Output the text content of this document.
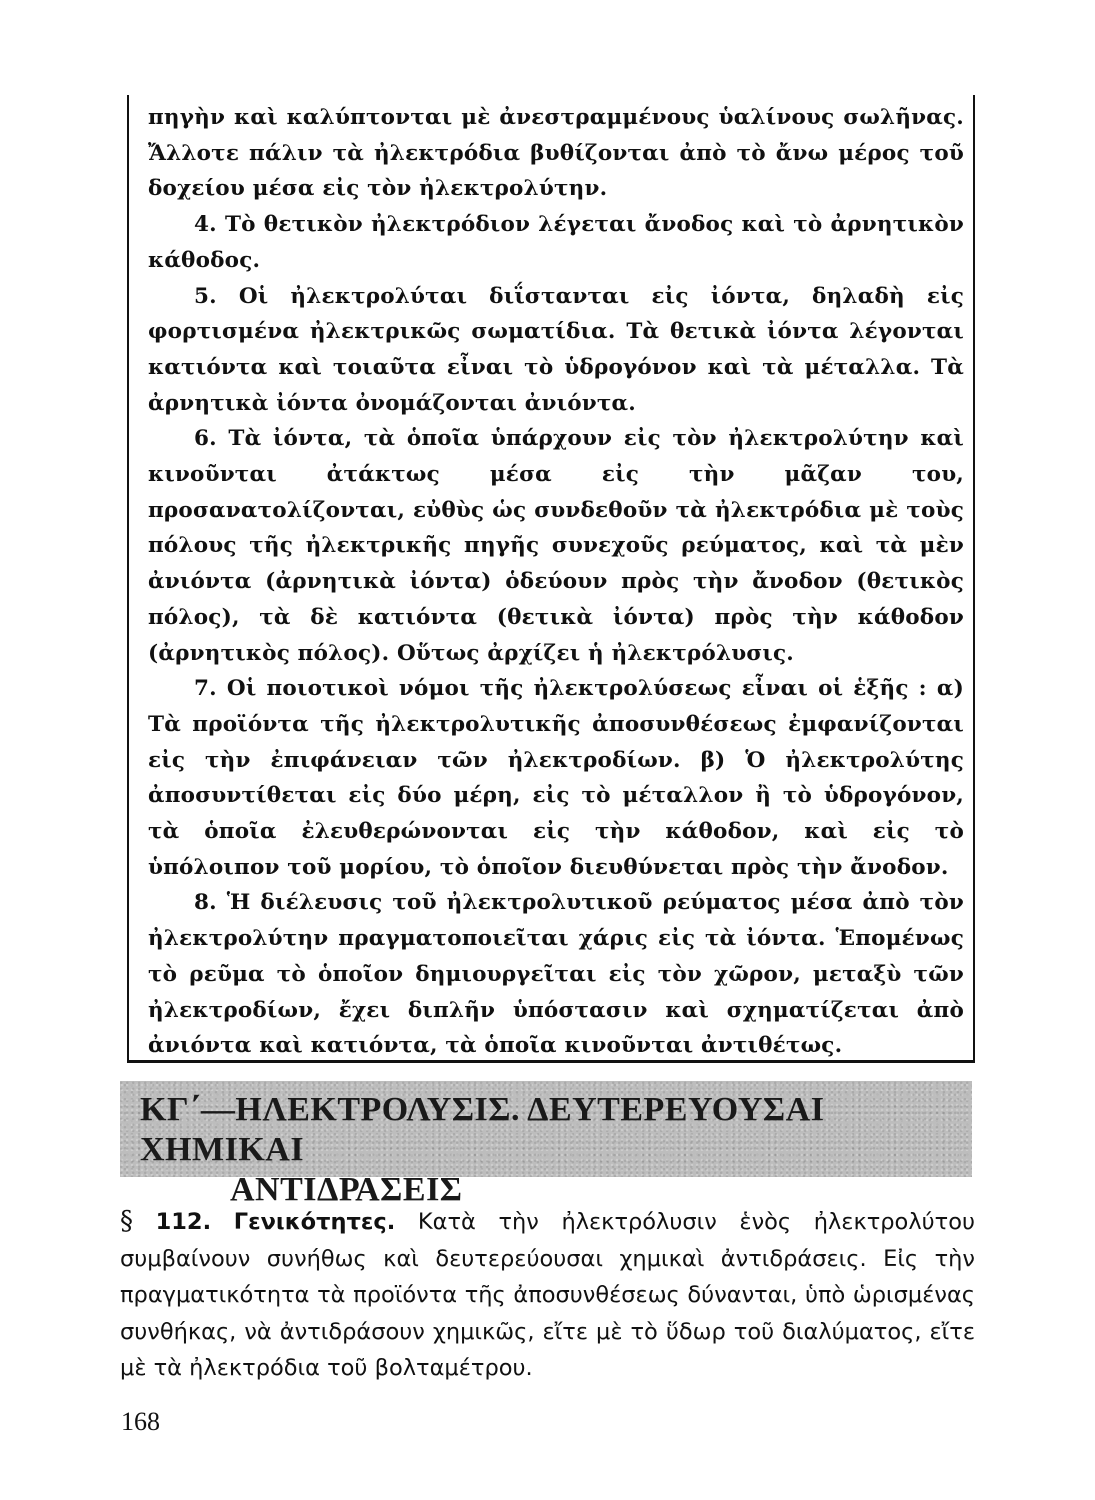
πηγὴν καὶ καλύπτονται μὲ ἀνεστραμμένους ὑαλίνους σωλῆνας. Ἄλλοτε πάλιν τὰ ἠλεκτρόδια βυθίζονται ἀπὸ τὸ ἄνω μέρος τοῦ δοχείου μέσα εἰς τὸν ἠλεκτρολύτην.

4. Τὸ θετικὸν ἠλεκτρόδιον λέγεται ἄνοδος καὶ τὸ ἀρνητικὸν κάθοδος.

5. Οἱ ἠλεκτρολύται διΐστανται εἰς ἰόντα, δηλαδὴ εἰς φορτισμένα ἠλεκτρικῶς σωματίδια. Τὰ θετικὰ ἰόντα λέγονται κατιόντα καὶ τοιαῦτα εἶναι τὸ ὑδρογόνον καὶ τὰ μέταλλα. Τὰ ἀρνητικὰ ἰόντα ὀνομάζονται ἀνιόντα.

6. Τὰ ἰόντα, τὰ ὁποῖα ὑπάρχουν εἰς τὸν ἠλεκτρολύτην καὶ κινοῦνται ἀτάκτως μέσα εἰς τὴν μᾶζαν του, προσανατολίζονται, εὐθὺς ὡς συνδεθοῦν τὰ ἠλεκτρόδια μὲ τοὺς πόλους τῆς ἠλεκτρικῆς πηγῆς συνεχοῦς ρεύματος, καὶ τὰ μὲν ἀνιόντα (ἀρνητικὰ ἰόντα) ὁδεύουν πρὸς τὴν ἄνοδον (θετικὸς πόλος), τὰ δὲ κατιόντα (θετικὰ ἰόντα) πρὸς τὴν κάθοδον (ἀρνητικὸς πόλος). Οὕτως ἀρχίζει ἡ ἠλεκτρόλυσις.

7. Οἱ ποιοτικοὶ νόμοι τῆς ἠλεκτρολύσεως εἶναι οἱ ἑξῆς : α) Τὰ προϊόντα τῆς ἠλεκτρολυτικῆς ἀποσυνθέσεως ἐμφανίζονται εἰς τὴν ἐπιφάνειαν τῶν ἠλεκτροδίων. β) Ὁ ἠλεκτρολύτης ἀποσυντίθεται εἰς δύο μέρη, εἰς τὸ μέταλλον ἢ τὸ ὑδρογόνον, τὰ ὁποῖα ἐλευθερώνονται εἰς τὴν κάθοδον, καὶ εἰς τὸ ὑπόλοιπον τοῦ μορίου, τὸ ὁποῖον διευθύνεται πρὸς τὴν ἄνοδον.

8. Ἡ διέλευσις τοῦ ἠλεκτρολυτικοῦ ρεύματος μέσα ἀπὸ τὸν ἠλεκτρολύτην πραγματοποιεῖται χάρις εἰς τὰ ἰόντα. Ἑπομένως τὸ ρεῦμα τὸ ὁποῖον δημιουργεῖται εἰς τὸν χῶρον, μεταξὺ τῶν ἠλεκτροδίων, ἔχει διπλῆν ὑπόστασιν καὶ σχηματίζεται ἀπὸ ἀνιόντα καὶ κατιόντα, τὰ ὁποῖα κινοῦνται ἀντιθέτως.

ΚΓ΄—ΗΛΕΚΤΡΟΛΥΣΙΣ. ΔΕΥΤΕΡΕΥΟΥΣΑΙ ΧΗΜΙΚΑΙ
ΑΝΤΙΔΡΑΣΕΙΣ
§ 112. Γενικότητες. Κατὰ τὴν ἠλεκτρόλυσιν ἑνὸς ἠλεκτρολύτου συμβαίνουν συνήθως καὶ δευτερεύουσαι χημικαὶ ἀντιδράσεις. Εἰς τὴν πραγματικότητα τὰ προϊόντα τῆς ἀποσυνθέσεως δύνανται, ὑπὸ ὡρισμένας συνθήκας, νὰ ἀντιδράσουν χημικῶς, εἴτε μὲ τὸ ὕδωρ τοῦ διαλύματος, εἴτε μὲ τὰ ἠλεκτρόδια τοῦ βολταμέτρου.
168
